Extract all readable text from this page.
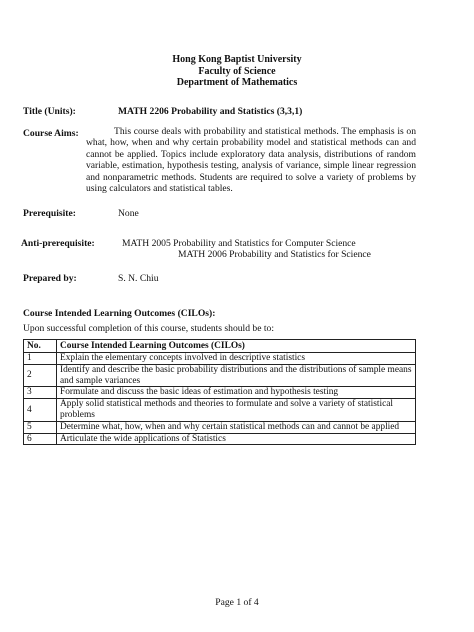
Hong Kong Baptist University
Faculty of Science
Department of Mathematics
Title (Units):	MATH 2206 Probability and Statistics (3,3,1)
Course Aims:	This course deals with probability and statistical methods. The emphasis is on what, how, when and why certain probability model and statistical methods can and cannot be applied. Topics include exploratory data analysis, distributions of random variable, estimation, hypothesis testing, analysis of variance, simple linear regression and nonparametric methods. Students are required to solve a variety of problems by using calculators and statistical tables.
Prerequisite:	None
Anti-prerequisite:	MATH 2005 Probability and Statistics for Computer Science
MATH 2006 Probability and Statistics for Science
Prepared by:	S. N. Chiu
Course Intended Learning Outcomes (CILOs):
Upon successful completion of this course, students should be to:
No.	Course Intended Learning Outcomes (CILOs)
1	Explain the elementary concepts involved in descriptive statistics
2	Identify and describe the basic probability distributions and the distributions of sample means and sample variances
3	Formulate and discuss the basic ideas of estimation and hypothesis testing
4	Apply solid statistical methods and theories to formulate and solve a variety of statistical problems
5	Determine what, how, when and why certain statistical methods can and cannot be applied
6	Articulate the wide applications of Statistics
Page 1 of 4
